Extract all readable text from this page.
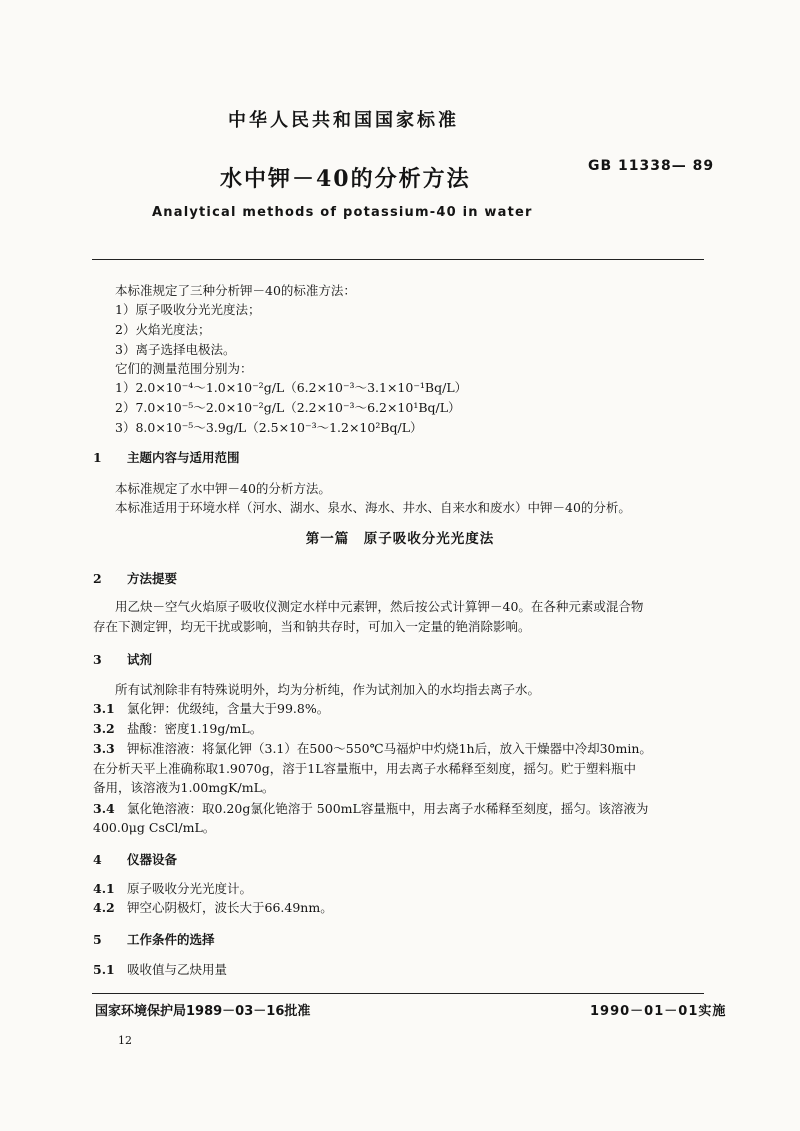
中华人民共和国国家标准
水中钾－40的分析方法	GB 11338— 89
Analytical methods of potassium-40 in water
本标准规定了三种分析钾－40的标准方法：
1）原子吸收分光光度法；
2）火焰光度法；
3）离子选择电极法。
它们的测量范围分别为：
1）2.0×10⁻⁴～1.0×10⁻²g/L（6.2×10⁻³～3.1×10⁻¹Bq/L）
2）7.0×10⁻⁵～2.0×10⁻²g/L（2.2×10⁻³～6.2×10¹Bq/L）
3）8.0×10⁻⁵～3.9g/L（2.5×10⁻³～1.2×10²Bq/L）
1 主题内容与适用范围
本标准规定了水中钾－40的分析方法。
本标准适用于环境水样（河水、湖水、泉水、海水、井水、自来水和废水）中钾－40的分析。
第一篇　原子吸收分光光度法
2 方法提要
用乙炔－空气火焰原子吸收仪测定水样中元素钾，然后按公式计算钾－40。在各种元素或混合物
存在下测定钾，均无干扰或影响，当和钠共存时，可加入一定量的铯消除影响。
3 试剂
所有试剂除非有特殊说明外，均为分析纯，作为试剂加入的水均指去离子水。
3.1 氯化钾：优级纯，含量大于99.8%。
3.2 盐酸：密度1.19g/mL。
3.3 钾标准溶液：将氯化钾（3.1）在500～550℃马福炉中灼烧1h后，放入干燥器中冷却30min。
在分析天平上准确称取1.9070g，溶于1L容量瓶中，用去离子水稀释至刻度，摇匀。贮于塑料瓶中
备用，该溶液为1.00mgK/mL。
3.4 氯化铯溶液：取0.20g氯化铯溶于 500mL容量瓶中，用去离子水稀释至刻度，摇匀。该溶液为
400.0μg CsCl/mL。
4 仪器设备
4.1 原子吸收分光光度计。
4.2 钾空心阴极灯，波长大于66.49nm。
5 工作条件的选择
5.1 吸收值与乙炔用量
国家环境保护局1989－03－16批准	1990－01－01实施
12
